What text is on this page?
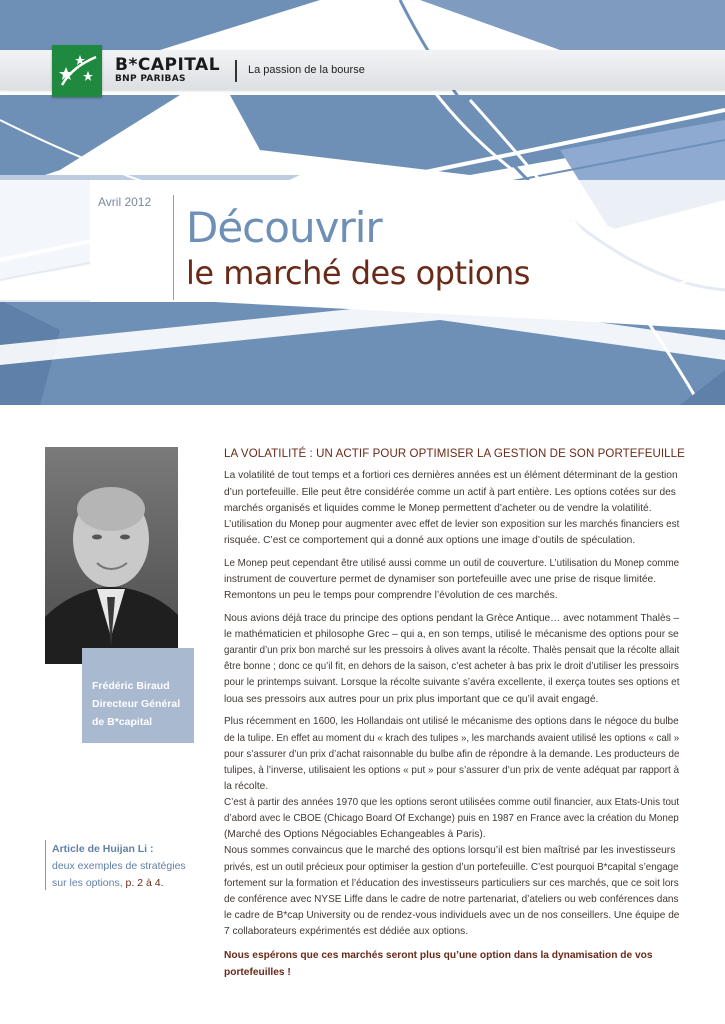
B*CAPITAL
BNP PARIBAS
La passion de la bourse
Avril 2012
Découvrir
le marché des options
Frédéric Biraud
Directeur Général
de B*capital
Article de Huijan Li :
deux exemples de stratégies
sur les options, p. 2 à 4.
LA VOLATILITÉ : UN ACTIF POUR OPTIMISER LA GESTION DE SON PORTEFEUILLE
La volatilité de tout temps et a fortiori ces dernières années est un élément déterminant de la gestion
d’un portefeuille. Elle peut être considérée comme un actif à part entière. Les options cotées sur des
marchés organisés et liquides comme le Monep permettent d’acheter ou de vendre la volatilité.
L’utilisation du Monep pour augmenter avec effet de levier son exposition sur les marchés financiers est
risquée. C’est ce comportement qui a donné aux options une image d’outils de spéculation.
Le Monep peut cependant être utilisé aussi comme un outil de couverture. L’utilisation du Monep comme
instrument de couverture permet de dynamiser son portefeuille avec une prise de risque limitée.
Remontons un peu le temps pour comprendre l’évolution de ces marchés.
Nous avions déjà trace du principe des options pendant la Grèce Antique… avec notamment Thalès –
le mathématicien et philosophe Grec – qui a, en son temps, utilisé le mécanisme des options pour se
garantir d’un prix bon marché sur les pressoirs à olives avant la récolte. Thalès pensait que la récolte allait
être bonne ; donc ce qu’il fit, en dehors de la saison, c’est acheter à bas prix le droit d’utiliser les pressoirs
pour le printemps suivant. Lorsque la récolte suivante s’avéra excellente, il exerça toutes ses options et
loua ses pressoirs aux autres pour un prix plus important que ce qu’il avait engagé.
Plus récemment en 1600, les Hollandais ont utilisé le mécanisme des options dans le négoce du bulbe
de la tulipe. En effet au moment du « krach des tulipes », les marchands avaient utilisé les options « call »
pour s’assurer d’un prix d’achat raisonnable du bulbe afin de répondre à la demande. Les producteurs de
tulipes, à l’inverse, utilisaient les options « put » pour s’assurer d’un prix de vente adéquat par rapport à
la récolte.
C’est à partir des années 1970 que les options seront utilisées comme outil financier, aux Etats-Unis tout
d’abord avec le CBOE (Chicago Board Of Exchange) puis en 1987 en France avec la création du Monep
(Marché des Options Négociables Echangeables à Paris).
Nous sommes convaincus que le marché des options lorsqu’il est bien maîtrisé par les investisseurs
privés, est un outil précieux pour optimiser la gestion d’un portefeuille. C’est pourquoi B*capital s’engage
fortement sur la formation et l’éducation des investisseurs particuliers sur ces marchés, que ce soit lors
de conférence avec NYSE Liffe dans le cadre de notre partenariat, d’ateliers ou web conférences dans
le cadre de B*cap University ou de rendez-vous individuels avec un de nos conseillers. Une équipe de
7 collaborateurs expérimentés est dédiée aux options.
Nous espérons que ces marchés seront plus qu’une option dans la dynamisation de vos
portefeuilles !
